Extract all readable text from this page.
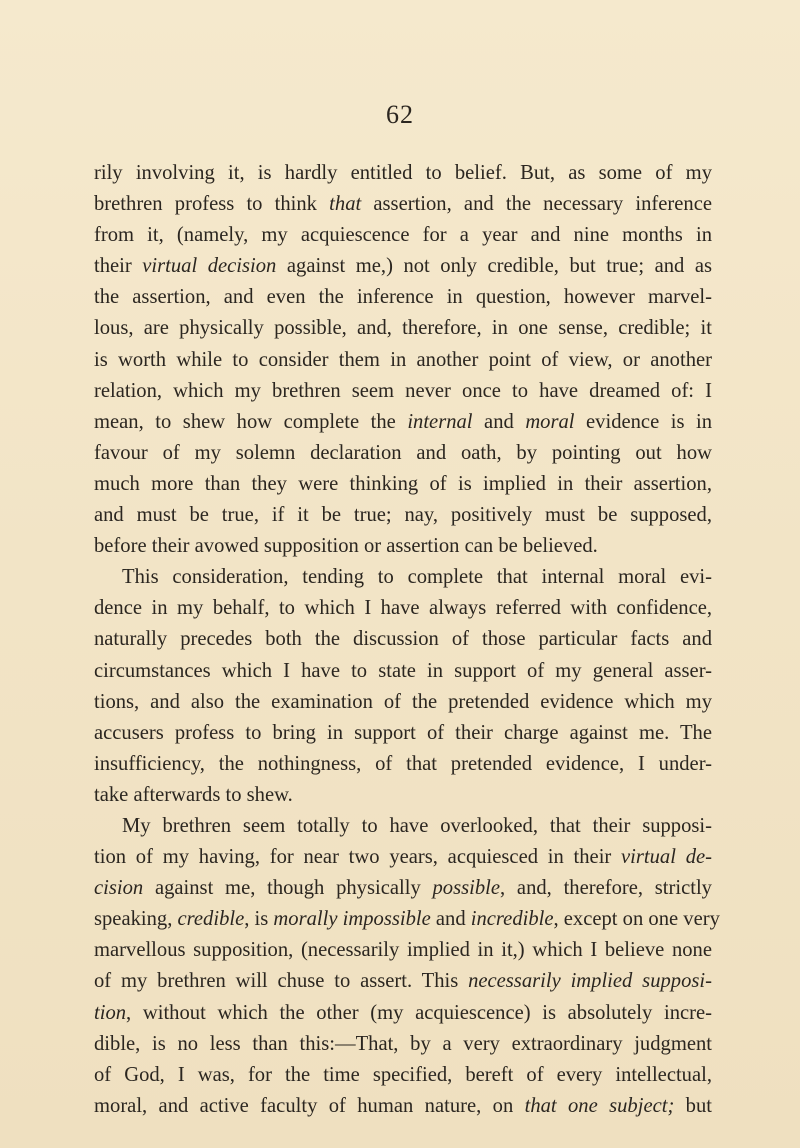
62

rily involving it, is hardly entitled to belief. But, as some of my
brethren profess to think that assertion, and the necessary inference
from it, (namely, my acquiescence for a year and nine months in
their virtual decision against me,) not only credible, but true; and as
the assertion, and even the inference in question, however marvel-
lous, are physically possible, and, therefore, in one sense, credible; it
is worth while to consider them in another point of view, or another
relation, which my brethren seem never once to have dreamed of: I
mean, to shew how complete the internal and moral evidence is in
favour of my solemn declaration and oath, by pointing out how
much more than they were thinking of is implied in their assertion,
and must be true, if it be true; nay, positively must be supposed,
before their avowed supposition or assertion can be believed.

This consideration, tending to complete that internal moral evi-
dence in my behalf, to which I have always referred with confidence,
naturally precedes both the discussion of those particular facts and
circumstances which I have to state in support of my general asser-
tions, and also the examination of the pretended evidence which my
accusers profess to bring in support of their charge against me. The
insufficiency, the nothingness, of that pretended evidence, I under-
take afterwards to shew.

My brethren seem totally to have overlooked, that their supposi-
tion of my having, for near two years, acquiesced in their virtual de-
cision against me, though physically possible, and, therefore, strictly
speaking, credible, is morally impossible and incredible, except on one very
marvellous supposition, (necessarily implied in it,) which I believe none
of my brethren will chuse to assert. This necessarily implied supposi-
tion, without which the other (my acquiescence) is absolutely incre-
dible, is no less than this:—That, by a very extraordinary judgment
of God, I was, for the time specified, bereft of every intellectual,
moral, and active faculty of human nature, on that one subject; but
